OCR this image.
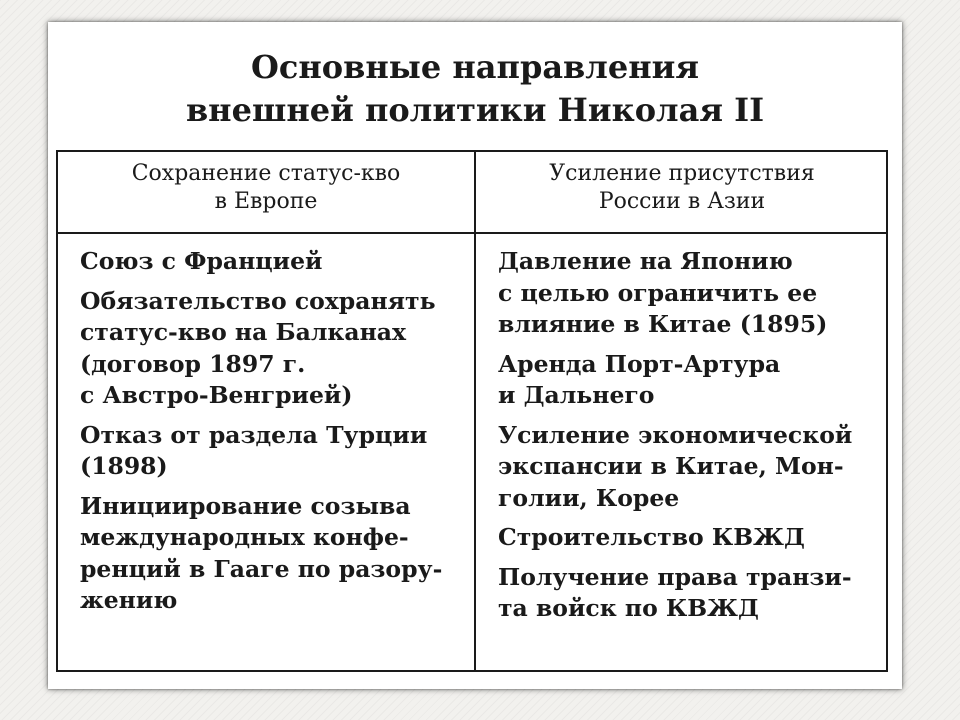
Основные направления
внешней политики Николая II
Сохранение статус-кво
в Европе
Усиление присутствия
России в Азии
Союз с Францией
Обязательство сохранять
статус-кво на Балканах
(договор 1897 г.
с Австро-Венгрией)
Отказ от раздела Турции
(1898)
Инициирование созыва
международных конфе-
ренций в Гааге по разору-
жению
Давление на Японию
с целью ограничить ее
влияние в Китае (1895)
Аренда Порт-Артура
и Дальнего
Усиление экономической
экспансии в Китае, Мон-
голии, Корее
Строительство КВЖД
Получение права транзи-
та войск по КВЖД
